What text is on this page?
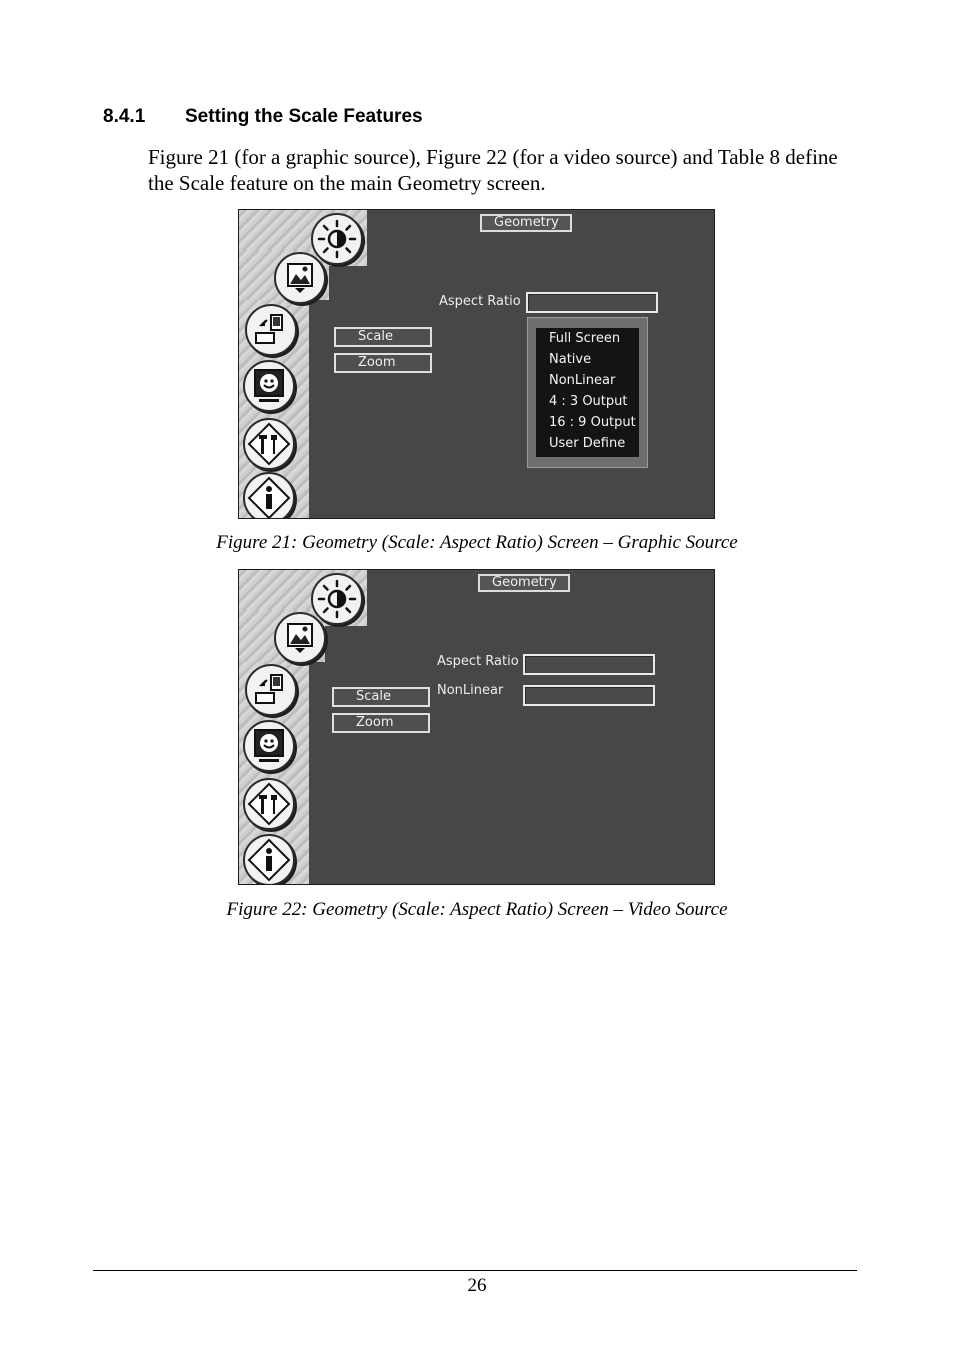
8.4.1 Setting the Scale Features
Figure 21 (for a graphic source), Figure 22 (for a video source) and Table 8 define the Scale feature on the main Geometry screen.
Geometry
Aspect Ratio
Scale
Zoom
Full Screen
Native
NonLinear
4 : 3 Output
16 : 9 Output
User Define
Figure 21: Geometry (Scale: Aspect Ratio) Screen – Graphic Source
Geometry
Aspect Ratio
NonLinear
Scale
Zoom
Figure 22: Geometry (Scale: Aspect Ratio) Screen – Video Source
26
